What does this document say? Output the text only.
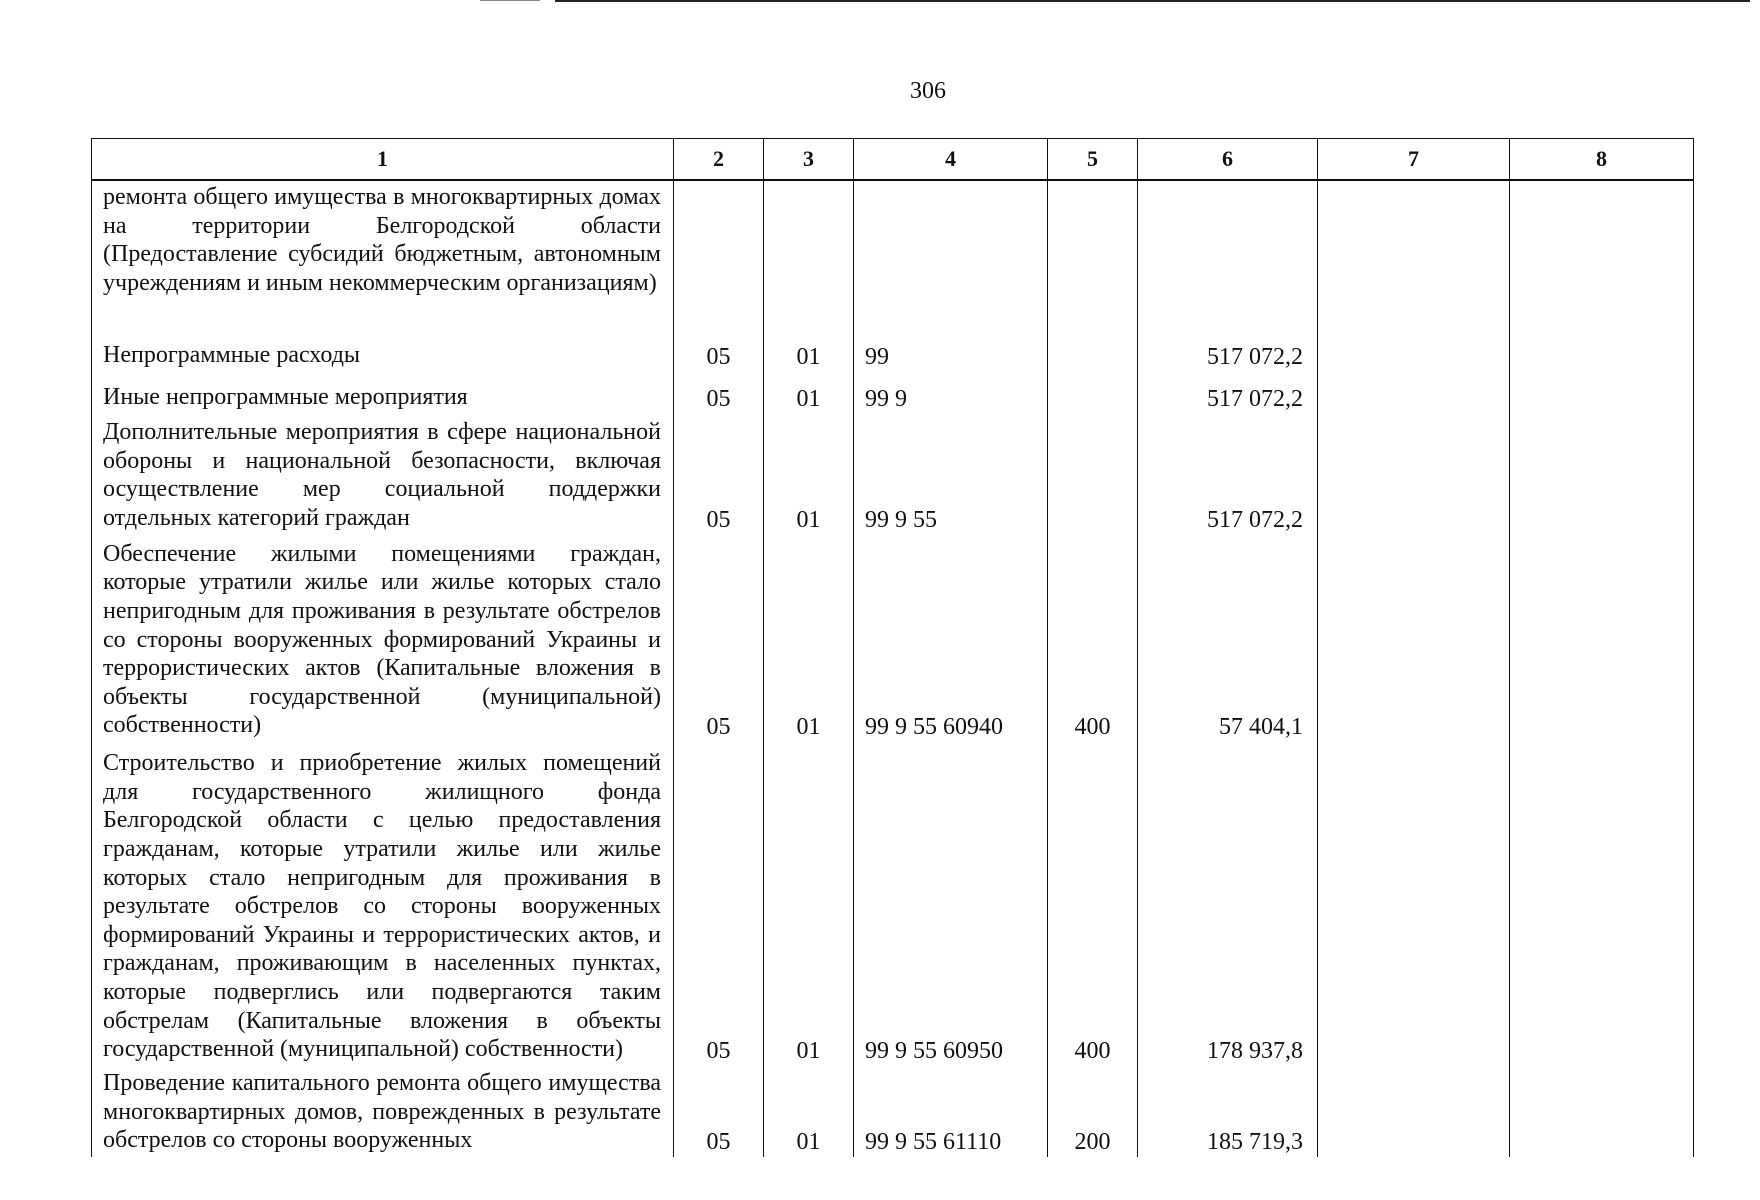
306
1	2	3	4	5	6	7	8
ремонта общего имущества в многоквартирных домах на территории Белгородской области (Предоставление субсидий бюджетным, автономным учреждениям и иным некоммерческим организациям)							
Непрограммные расходы	05	01	99		517 072,2		
Иные непрограммные мероприятия	05	01	99 9		517 072,2		
Дополнительные мероприятия в сфере национальной обороны и национальной безопасности, включая осуществление мер социальной поддержки отдельных категорий граждан	05	01	99 9 55		517 072,2		
Обеспечение жилыми помещениями граждан, которые утратили жилье или жилье которых стало непригодным для проживания в результате обстрелов со стороны вооруженных формирований Украины и террористических актов (Капитальные вложения в объекты государственной (муниципальной) собственности)	05	01	99 9 55 60940	400	57 404,1		
Строительство и приобретение жилых помещений для государственного жилищного фонда Белгородской области с целью предоставления гражданам, которые утратили жилье или жилье которых стало непригодным для проживания в результате обстрелов со стороны вооруженных формирований Украины и террористических актов, и гражданам, проживающим в населенных пунктах, которые подверглись или подвергаются таким обстрелам (Капитальные вложения в объекты государственной (муниципальной) собственности)	05	01	99 9 55 60950	400	178 937,8		
Проведение капитального ремонта общего имущества многоквартирных домов, поврежденных в результате обстрелов со стороны вооруженных	05	01	99 9 55 61110	200	185 719,3		
